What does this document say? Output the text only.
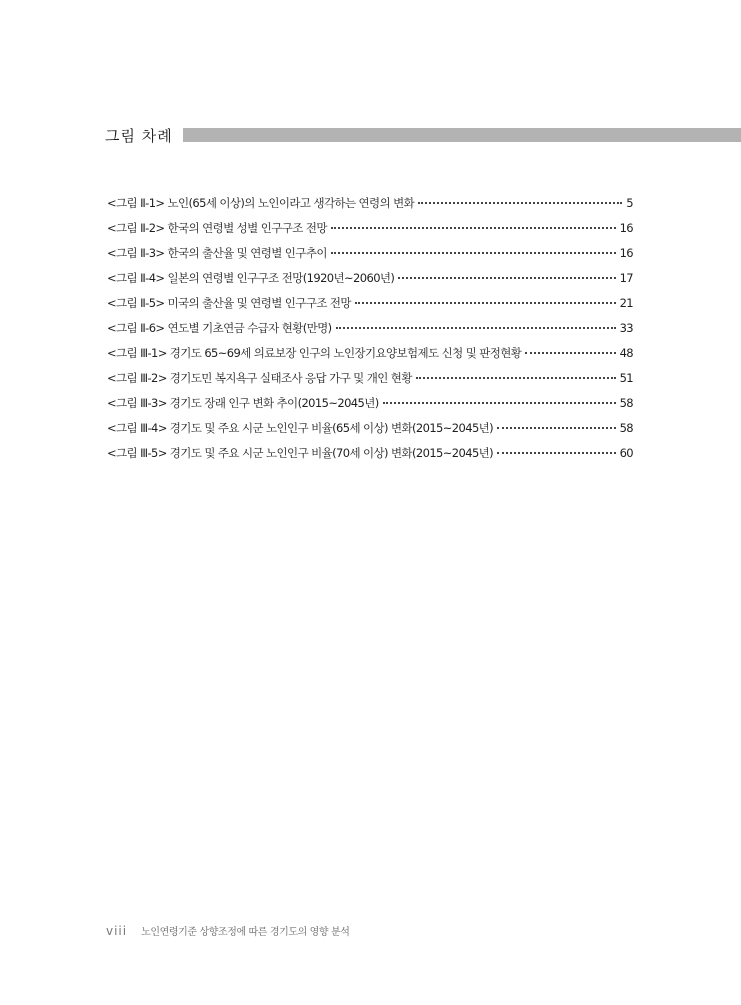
그림 차례
<그림 Ⅱ-1> 노인(65세 이상)의 노인이라고 생각하는 연령의 변화	5
<그림 Ⅱ-2> 한국의 연령별 성별 인구구조 전망	16
<그림 Ⅱ-3> 한국의 출산율 및 연령별 인구추이	16
<그림 Ⅱ-4> 일본의 연령별 인구구조 전망(1920년~2060년)	17
<그림 Ⅱ-5> 미국의 출산율 및 연령별 인구구조 전망	21
<그림 Ⅱ-6> 연도별 기초연금 수급자 현황(만명)	33
<그림 Ⅲ-1> 경기도 65~69세 의료보장 인구의 노인장기요양보험제도 신청 및 판정현황	48
<그림 Ⅲ-2> 경기도민 복지욕구 실태조사 응답 가구 및 개인 현황	51
<그림 Ⅲ-3> 경기도 장래 인구 변화 추이(2015~2045년)	58
<그림 Ⅲ-4> 경기도 및 주요 시군 노인인구 비율(65세 이상) 변화(2015~2045년)	58
<그림 Ⅲ-5> 경기도 및 주요 시군 노인인구 비율(70세 이상) 변화(2015~2045년)	60
viii 노인연령기준 상향조정에 따른 경기도의 영향 분석
